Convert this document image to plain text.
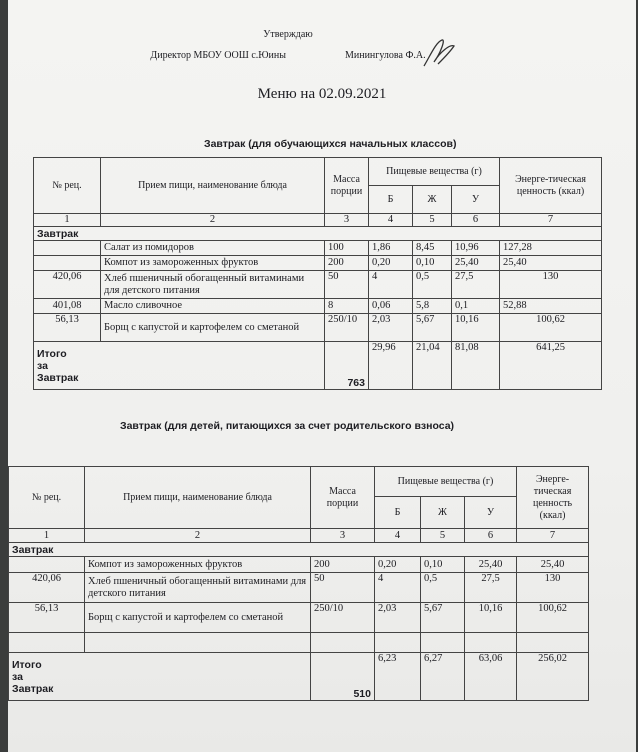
Утверждаю
Директор МБОУ ООШ с.Юины	Минингулова Ф.А.
Меню на 02.09.2021
Завтрак (для обучающихся начальных классов)
№ рец.	Прием пищи, наименование блюда	Масса порции	Пищевые вещества (г)			Энергe-тическая ценность (ккал)
			Б	Ж	У	
1	2	3	4	5	6	7
Завтрак						
	Салат из помидоров	100	1,86	8,45	10,96	127,28
	Компот из замороженных фруктов	200	0,20	0,10	25,40	25,40
420,06	Хлеб пшеничный обогащенный витаминами для детского питания	50	4	0,5	27,5	130
401,08	Масло сливочное	8	0,06	5,8	0,1	52,88
56,13	Борщ с капустой и картофелем со сметаной	250/10	2,03	5,67	10,16	100,62

Итого
за
Завтрак		763	29,96	21,04	81,08	641,25
Завтрак (для детей, питающихся за счет родительского взноса)
№ рец.	Прием пищи, наименование блюда	Масса порции	Пищевые вещества (г)			Энерге-тическая ценность (ккал)
			Б	Ж	У	
1	2	3	4	5	6	7
Завтрак						
	Компот из замороженных фруктов	200	0,20	0,10	25,40	25,40
420,06	Хлеб пшеничный обогащенный витаминами для детского питания	50	4	0,5	27,5	130
56,13	Борщ с капустой и картофелем со сметаной	250/10	2,03	5,67	10,16	100,62

Итого
за
Завтрак		510	6,23	6,27	63,06	256,02
